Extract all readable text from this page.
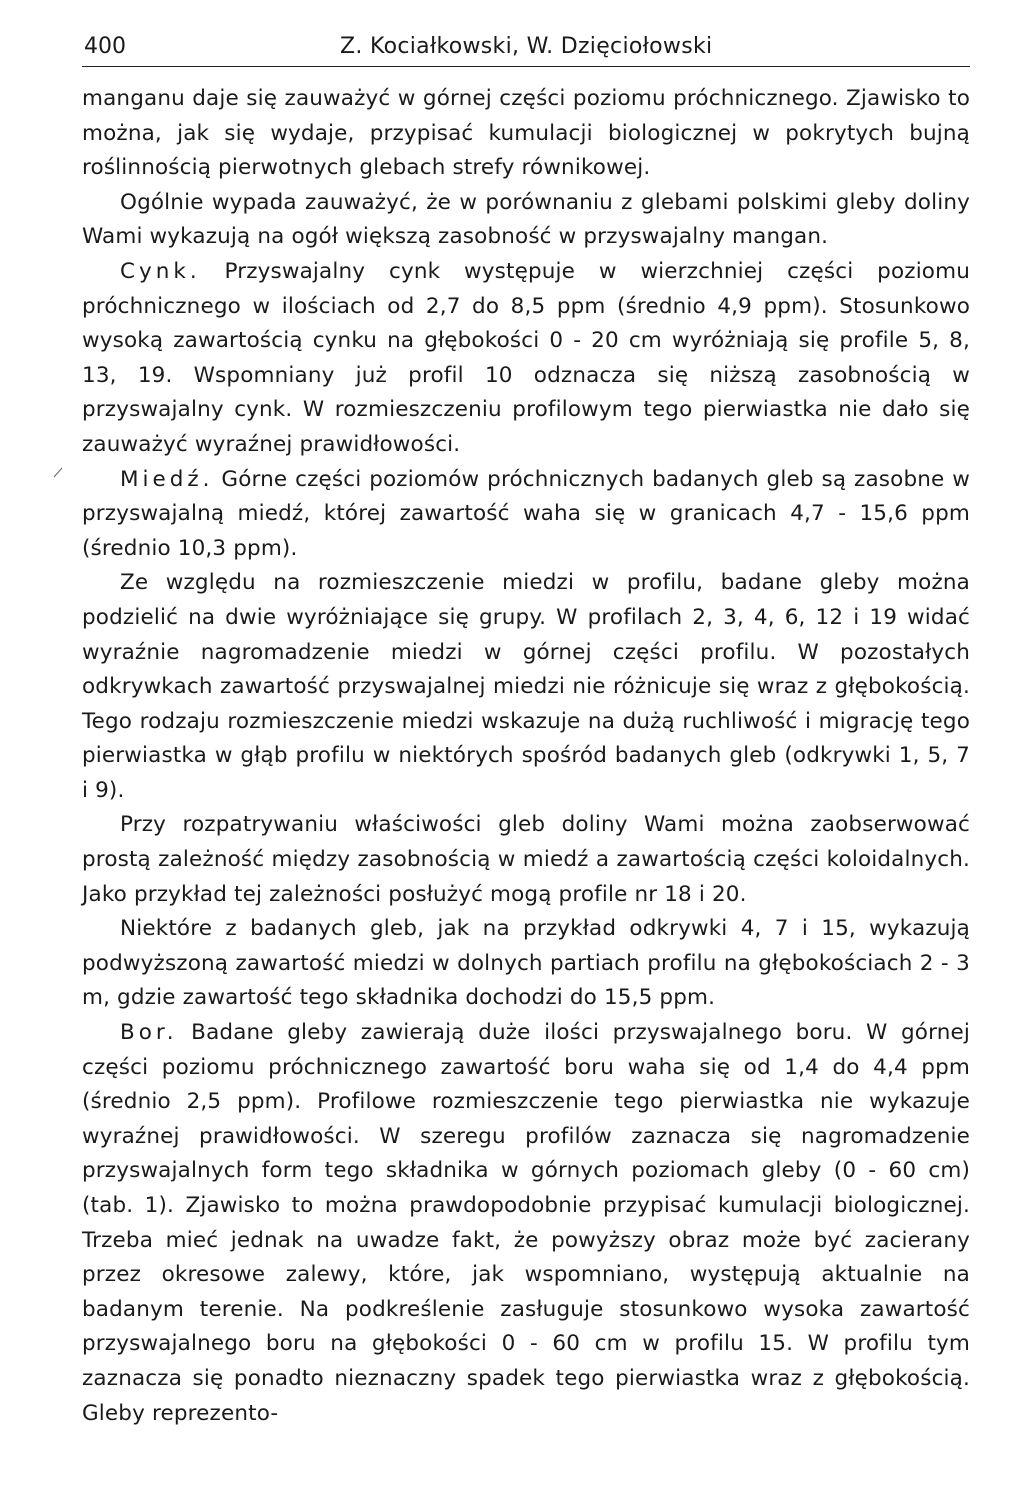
400	Z. Kociałkowski, W. Dzięciołowski

manganu daje się zauważyć w górnej części poziomu próchnicznego. Zjawisko to można, jak się wydaje, przypisać kumulacji biologicznej w pokrytych bujną roślinnością pierwotnych glebach strefy równikowej.

Ogólnie wypada zauważyć, że w porównaniu z glebami polskimi gleby doliny Wami wykazują na ogół większą zasobność w przyswajalny mangan.

Cynk. Przyswajalny cynk występuje w wierzchniej części poziomu próchnicznego w ilościach od 2,7 do 8,5 ppm (średnio 4,9 ppm). Stosunkowo wysoką zawartością cynku na głębokości 0 - 20 cm wyróżniają się profile 5, 8, 13, 19. Wspomniany już profil 10 odznacza się niższą zasobnością w przyswajalny cynk. W rozmieszczeniu profilowym tego pierwiastka nie dało się zauważyć wyraźnej prawidłowości.

Miedź. Górne części poziomów próchnicznych badanych gleb są zasobne w przyswajalną miedź, której zawartość waha się w granicach 4,7 - 15,6 ppm (średnio 10,3 ppm).

Ze względu na rozmieszczenie miedzi w profilu, badane gleby można podzielić na dwie wyróżniające się grupy. W profilach 2, 3, 4, 6, 12 i 19 widać wyraźnie nagromadzenie miedzi w górnej części profilu. W pozostałych odkrywkach zawartość przyswajalnej miedzi nie różnicuje się wraz z głębokością. Tego rodzaju rozmieszczenie miedzi wskazuje na dużą ruchliwość i migrację tego pierwiastka w głąb profilu w niektórych spośród badanych gleb (odkrywki 1, 5, 7 i 9).

Przy rozpatrywaniu właściwości gleb doliny Wami można zaobserwować prostą zależność między zasobnością w miedź a zawartością części koloidalnych. Jako przykład tej zależności posłużyć mogą profile nr 18 i 20.

Niektóre z badanych gleb, jak na przykład odkrywki 4, 7 i 15, wykazują podwyższoną zawartość miedzi w dolnych partiach profilu na głębokościach 2 - 3 m, gdzie zawartość tego składnika dochodzi do 15,5 ppm.

Bor. Badane gleby zawierają duże ilości przyswajalnego boru. W górnej części poziomu próchnicznego zawartość boru waha się od 1,4 do 4,4 ppm (średnio 2,5 ppm). Profilowe rozmieszczenie tego pierwiastka nie wykazuje wyraźnej prawidłowości. W szeregu profilów zaznacza się nagromadzenie przyswajalnych form tego składnika w górnych poziomach gleby (0 - 60 cm) (tab. 1). Zjawisko to można prawdopodobnie przypisać kumulacji biologicznej. Trzeba mieć jednak na uwadze fakt, że powyższy obraz może być zacierany przez okresowe zalewy, które, jak wspomniano, występują aktualnie na badanym terenie. Na podkreślenie zasługuje stosunkowo wysoka zawartość przyswajalnego boru na głębokości 0 - 60 cm w profilu 15. W profilu tym zaznacza się ponadto nieznaczny spadek tego pierwiastka wraz z głębokością. Gleby reprezento-
